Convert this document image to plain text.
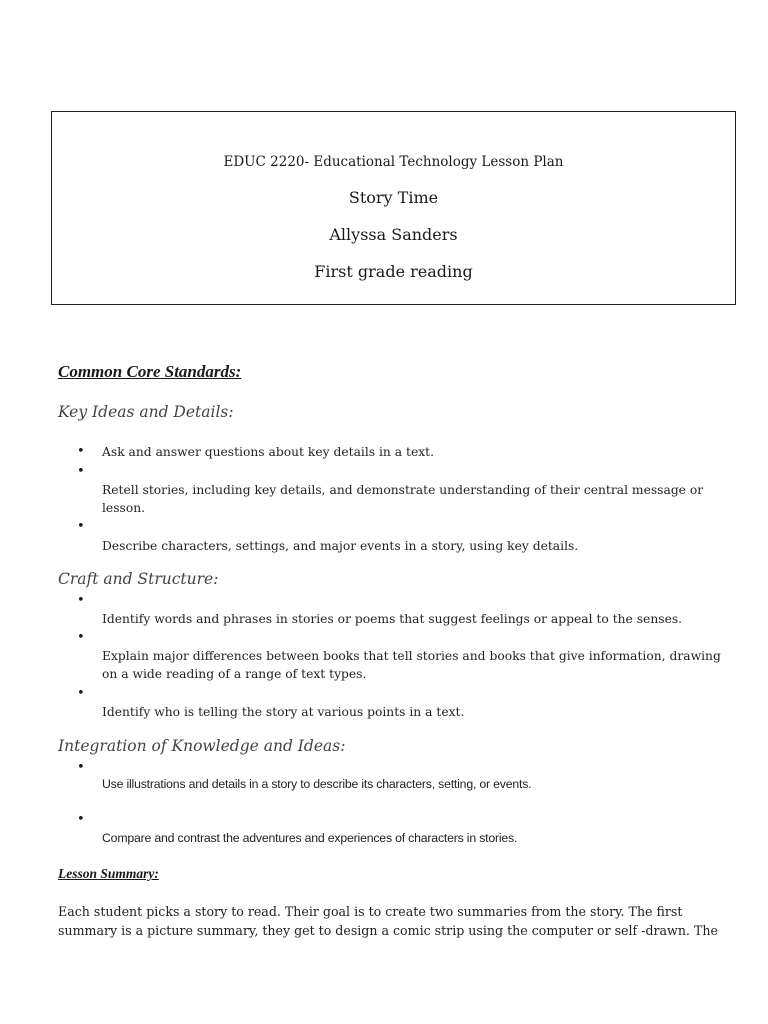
EDUC 2220- Educational Technology Lesson Plan
Story Time
Allyssa Sanders
First grade reading
Common Core Standards:
Key Ideas and Details:
• Ask and answer questions about key details in a text.
•
Retell stories, including key details, and demonstrate understanding of their central message or lesson.
•
Describe characters, settings, and major events in a story, using key details.
Craft and Structure:
•
Identify words and phrases in stories or poems that suggest feelings or appeal to the senses.
•
Explain major differences between books that tell stories and books that give information, drawing on a wide reading of a range of text types.
•
Identify who is telling the story at various points in a text.
Integration of Knowledge and Ideas:
•
Use illustrations and details in a story to describe its characters, setting, or events.
•
Compare and contrast the adventures and experiences of characters in stories.
Lesson Summary:
Each student picks a story to read. Their goal is to create two summaries from the story. The first summary is a picture summary, they get to design a comic strip using the computer or self -drawn. The
